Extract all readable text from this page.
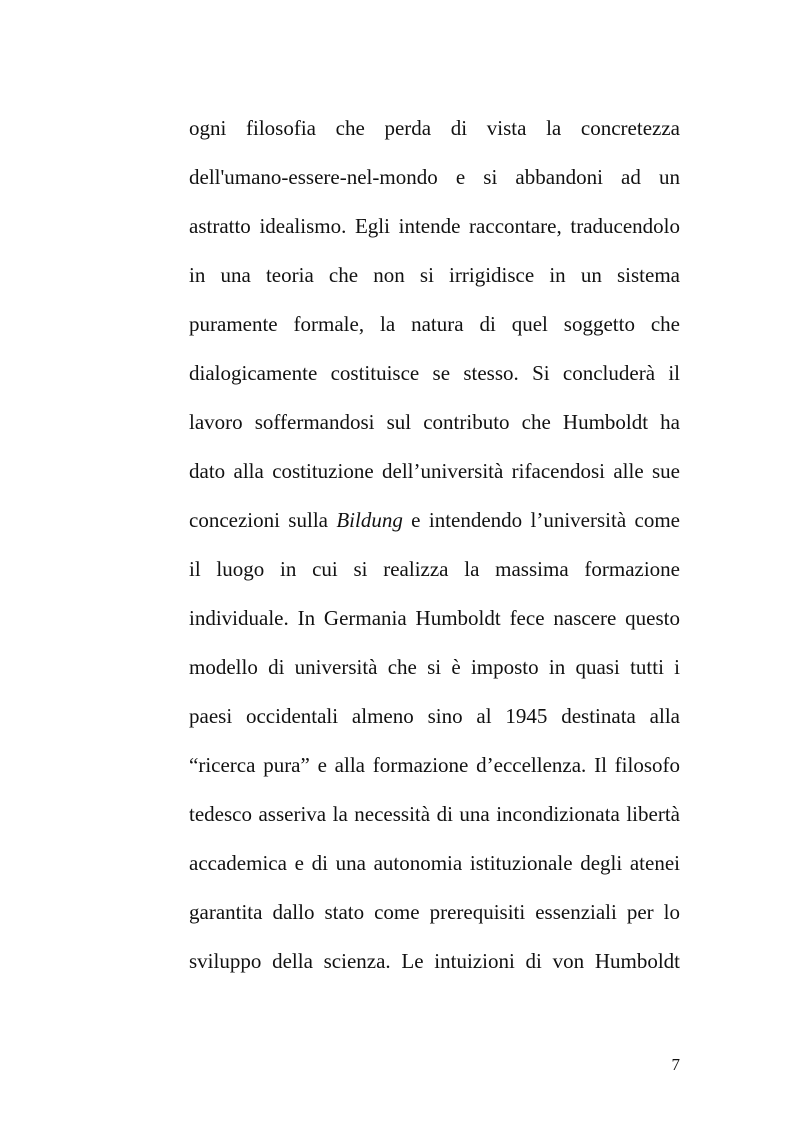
ogni filosofia che perda di vista la concretezza
dell'umano-essere-nel-mondo e si abbandoni ad un
astratto idealismo. Egli intende raccontare, traducendolo
in una teoria che non si irrigidisce in un sistema
puramente formale, la natura di quel soggetto che
dialogicamente costituisce se stesso. Si concluderà il
lavoro soffermandosi sul contributo che Humboldt ha
dato alla costituzione dell’università rifacendosi alle sue
concezioni sulla Bildung e intendendo l’università come
il luogo in cui si realizza la massima formazione
individuale. In Germania Humboldt fece nascere questo
modello di università che si è imposto in quasi tutti i
paesi occidentali almeno sino al 1945 destinata alla
“ricerca pura” e alla formazione d’eccellenza. Il filosofo
tedesco asseriva la necessità di una incondizionata libertà
accademica e di una autonomia istituzionale degli atenei
garantita dallo stato come prerequisiti essenziali per lo
sviluppo della scienza. Le intuizioni di von Humboldt
7
